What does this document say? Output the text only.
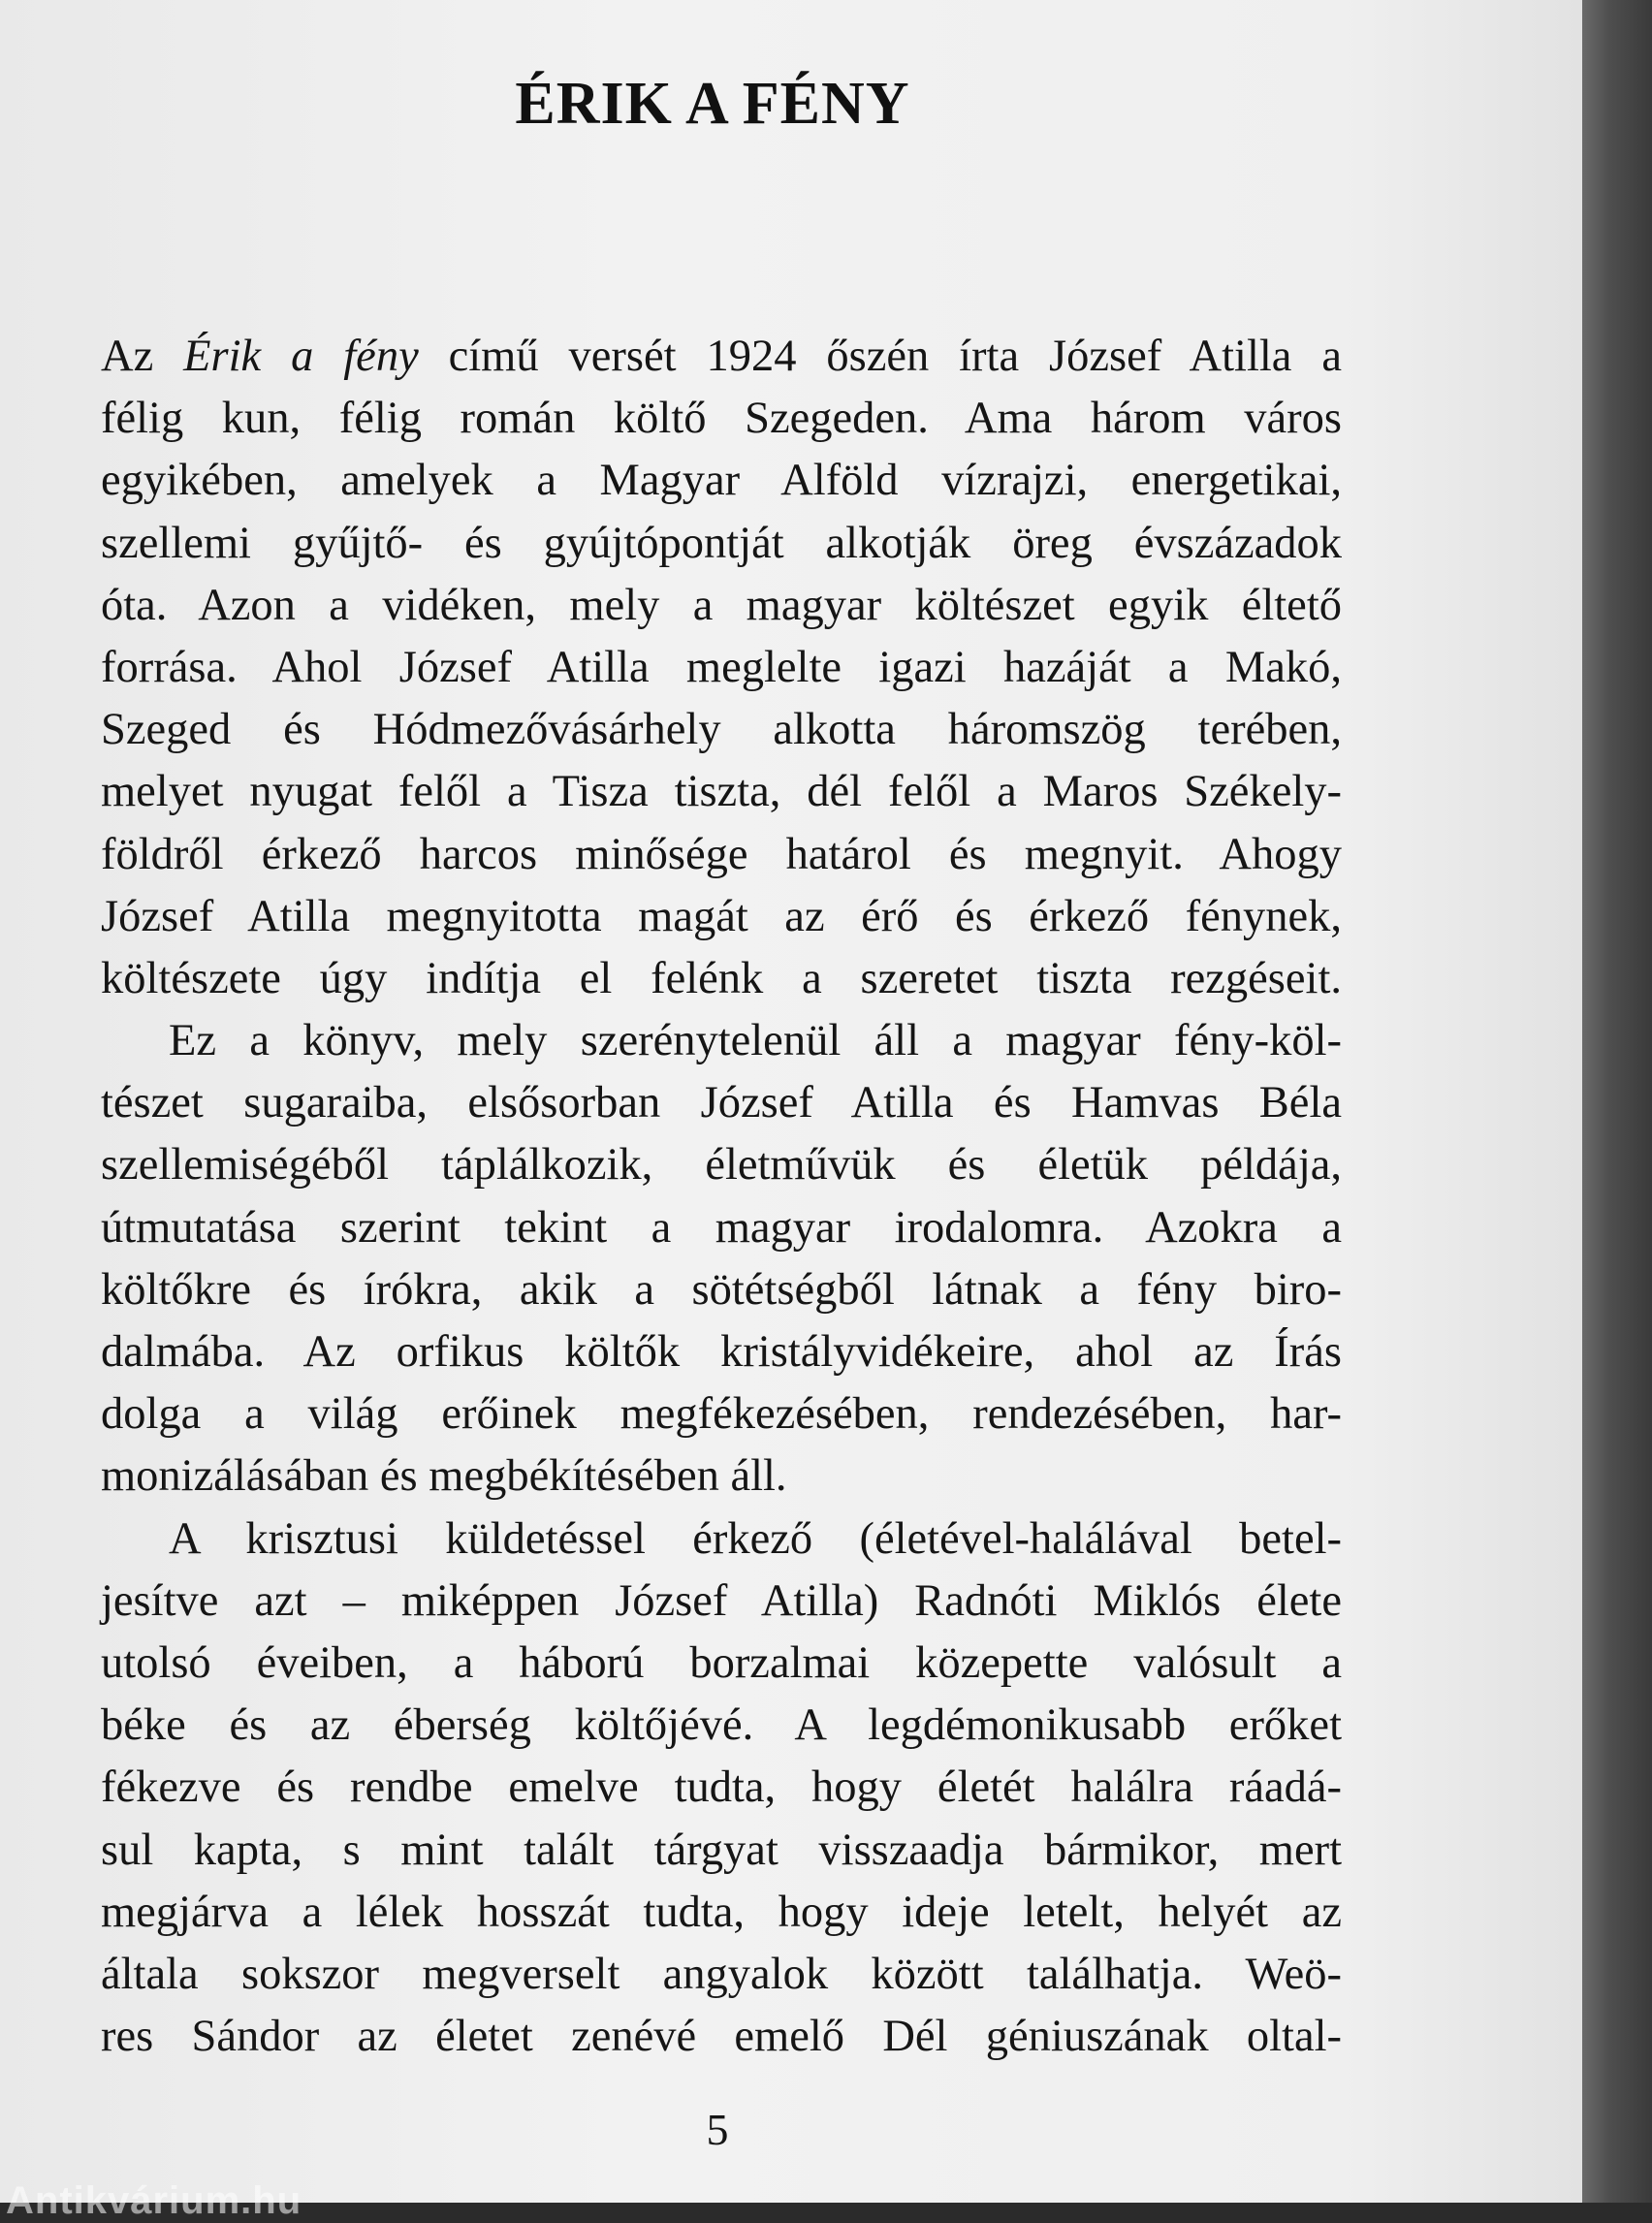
ÉRIK A FÉNY
Az Érik a fény című versét 1924 őszén írta József Atilla a
félig kun, félig román költő Szegeden. Ama három város
egyikében, amelyek a Magyar Alföld vízrajzi, energetikai,
szellemi gyűjtő- és gyújtópontját alkotják öreg évszázadok
óta. Azon a vidéken, mely a magyar költészet egyik éltető
forrása. Ahol József Atilla meglelte igazi hazáját a Makó,
Szeged és Hódmezővásárhely alkotta háromszög terében,
melyet nyugat felől a Tisza tiszta, dél felől a Maros Székely-
földről érkező harcos minősége határol és megnyit. Ahogy
József Atilla megnyitotta magát az érő és érkező fénynek,
költészete úgy indítja el felénk a szeretet tiszta rezgéseit.
Ez a könyv, mely szerénytelenül áll a magyar fény-köl-
tészet sugaraiba, elsősorban József Atilla és Hamvas Béla
szellemiségéből táplálkozik, életművük és életük példája,
útmutatása szerint tekint a magyar irodalomra. Azokra a
költőkre és írókra, akik a sötétségből látnak a fény biro-
dalmába. Az orfikus költők kristályvidékeire, ahol az Írás
dolga a világ erőinek megfékezésében, rendezésében, har-
monizálásában és megbékítésében áll.
A krisztusi küldetéssel érkező (életével-halálával betel-
jesítve azt – miképpen József Atilla) Radnóti Miklós élete
utolsó éveiben, a háború borzalmai közepette valósult a
béke és az éberség költőjévé. A legdémonikusabb erőket
fékezve és rendbe emelve tudta, hogy életét halálra ráadá-
sul kapta, s mint talált tárgyat visszaadja bármikor, mert
megjárva a lélek hosszát tudta, hogy ideje letelt, helyét az
általa sokszor megverselt angyalok között találhatja. Weö-
res Sándor az életet zenévé emelő Dél géniuszának oltal-
5
Antikvárium.hu
